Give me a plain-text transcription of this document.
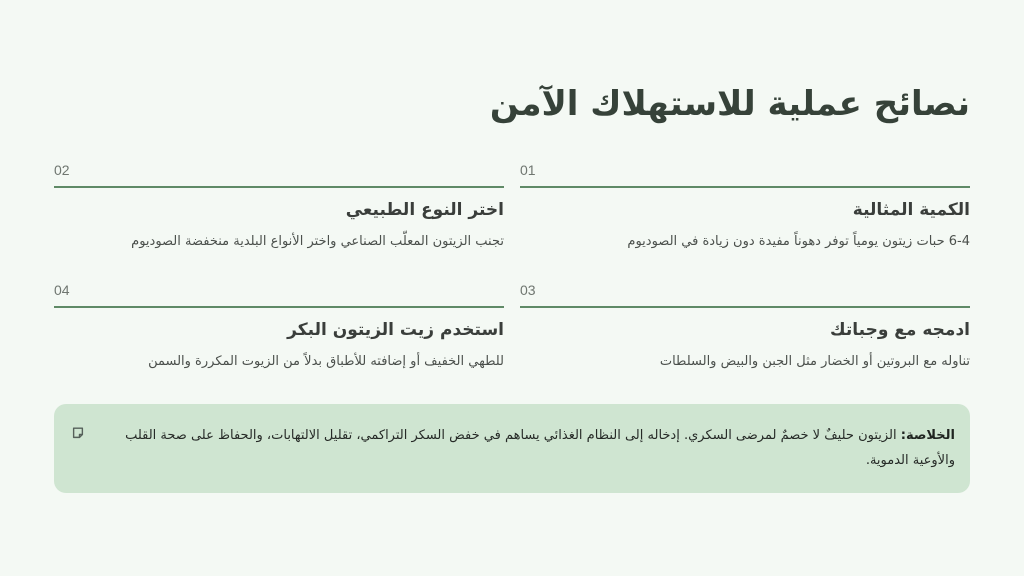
نصائح عملية للاستهلاك الآمن
01
الكمية المثالية
6-4 حبات زيتون يومياً توفر دهوناً مفيدة دون زيادة في الصوديوم
02
اختر النوع الطبيعي
تجنب الزيتون المعلّب الصناعي واختر الأنواع البلدية منخفضة الصوديوم
03
ادمجه مع وجباتك
تناوله مع البروتين أو الخضار مثل الجبن والبيض والسلطات
04
استخدم زيت الزيتون البكر
للطهي الخفيف أو إضافته للأطباق بدلاً من الزيوت المكررة والسمن
الخلاصة: الزيتون حليفٌ لا خصمٌ لمرضى السكري. إدخاله إلى النظام الغذائي يساهم في خفض السكر التراكمي، تقليل الالتهابات، والحفاظ على صحة القلب والأوعية الدموية.
